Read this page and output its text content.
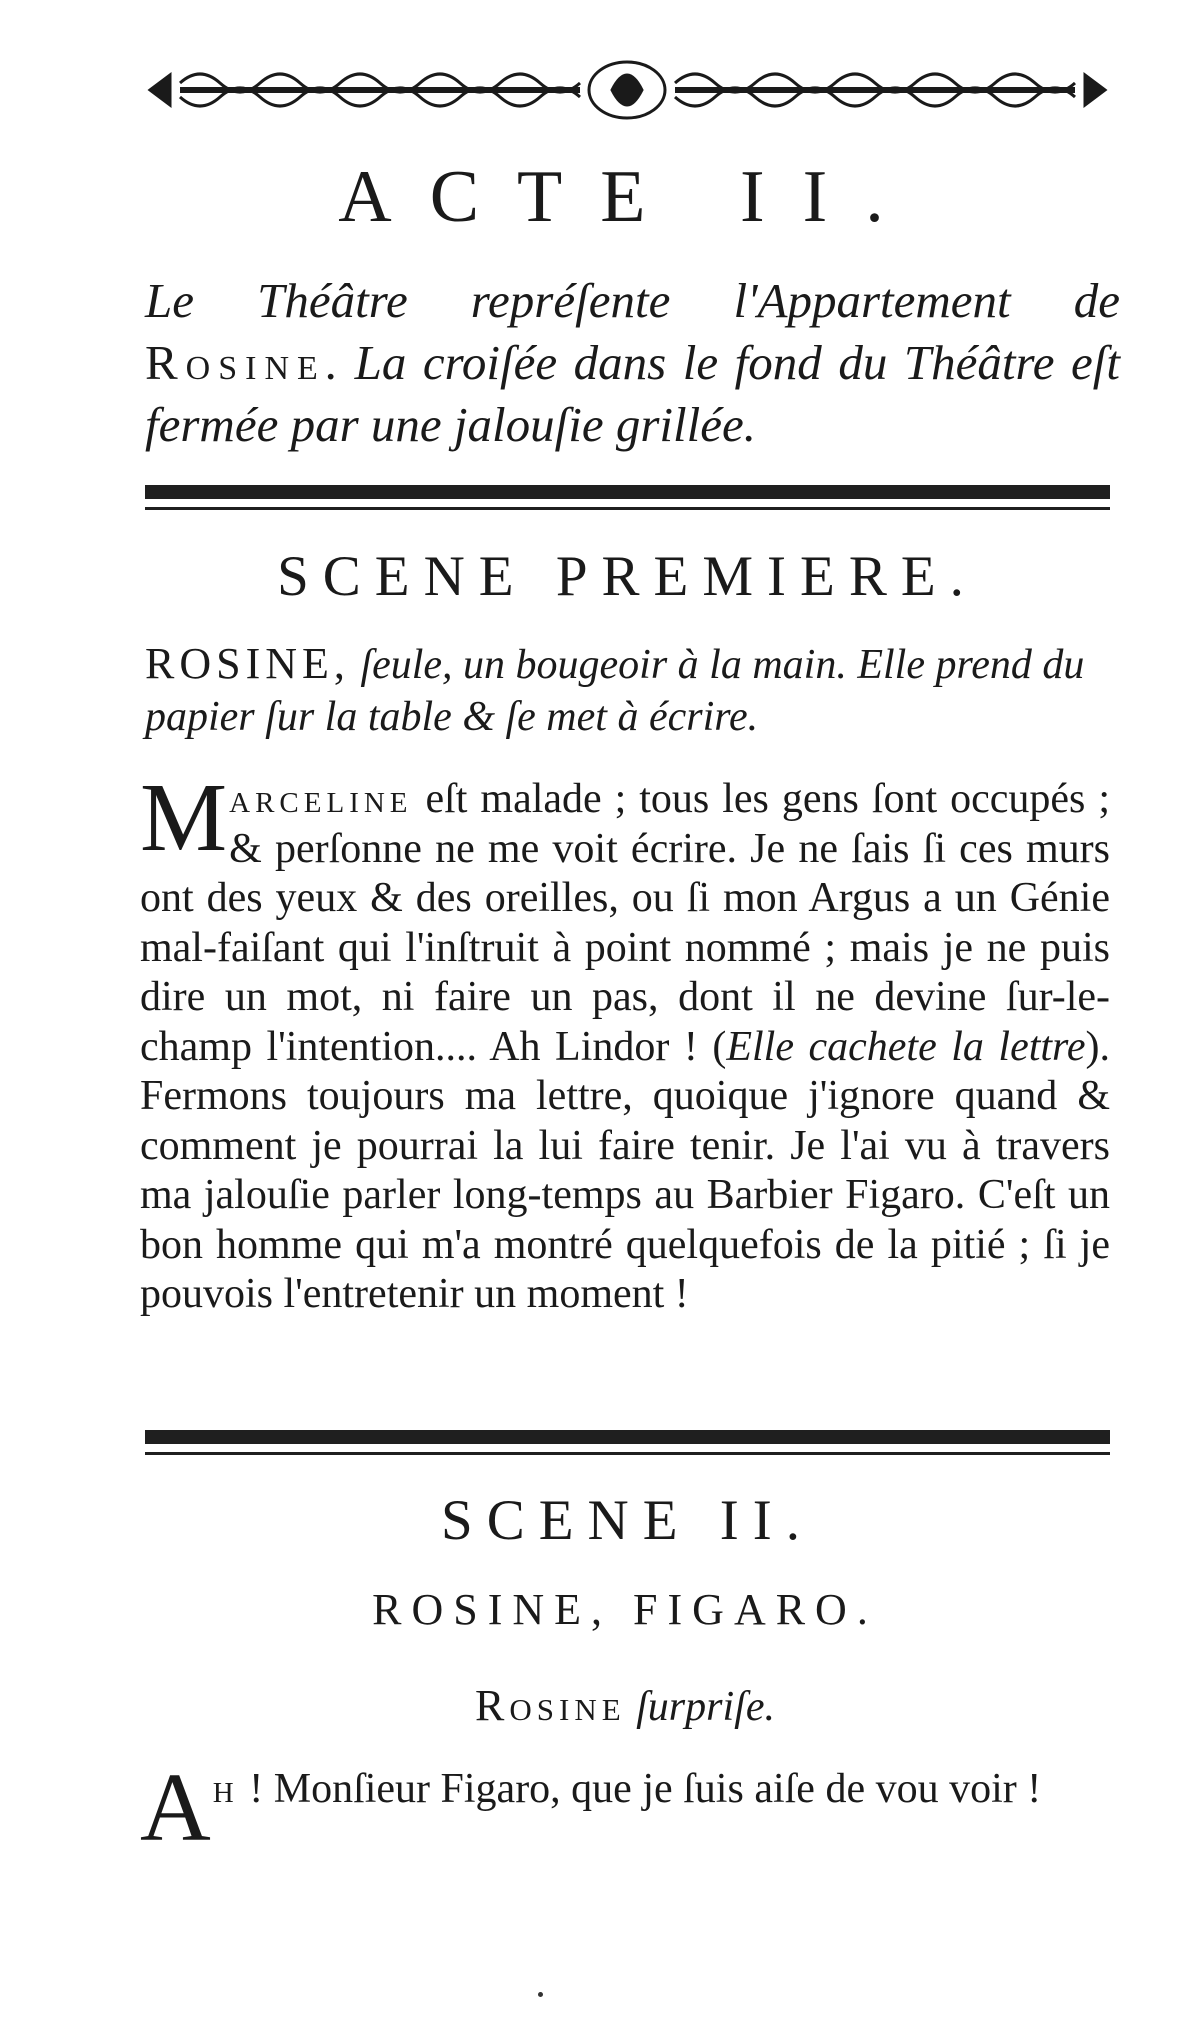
ACTE II.
Le Théâtre repréſente l'Appartement de Rosine. La croiſée dans le fond du Théâtre eſt fermée par une jalouſie grillée.
SCENE PREMIERE.
ROSINE, ſeule, un bougeoir à la main. Elle prend du papier ſur la table & ſe met à écrire.
M arceline eſt malade ; tous les gens ſont occupés ; & perſonne ne me voit écrire. Je ne ſais ſi ces murs ont des yeux & des oreilles, ou ſi mon Argus a un Génie mal-faiſant qui l'inſtruit à point nommé ; mais je ne puis dire un mot, ni faire un pas, dont il ne devine ſur-le-champ l'intention.... Ah Lindor ! (Elle cachete la lettre). Fermons toujours ma lettre, quoique j'ignore quand & comment je pourrai la lui faire tenir. Je l'ai vu à travers ma jalouſie parler long-temps au Barbier Figaro. C'eſt un bon homme qui m'a montré quelquefois de la pitié ; ſi je pouvois l'entretenir un moment !
SCENE II.
ROSINE, FIGARO.
Rosine ſurpriſe.
A h ! Monſieur Figaro, que je ſuis aiſe de vou voir !
